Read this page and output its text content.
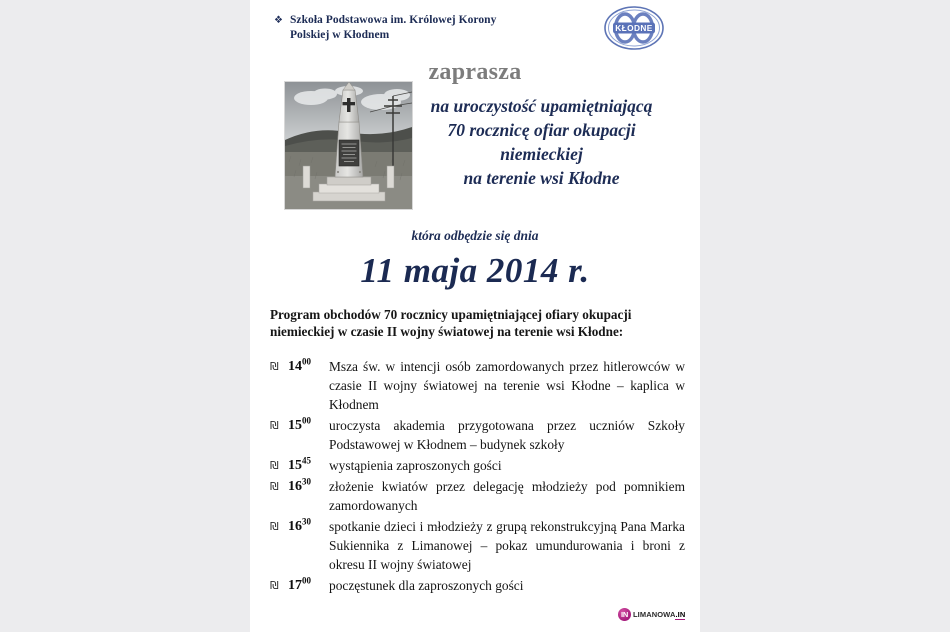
❖ Szkoła Podstawowa im. Królowej Korony
Polskiej w Kłodnem
KŁODNE
zaprasza
na uroczystość upamiętniającą
70 rocznicę ofiar okupacji
niemieckiej
na terenie wsi Kłodne
która odbędzie się dnia
11 maja 2014 r.
Program obchodów 70 rocznicy upamiętniającej ofiary okupacji niemieckiej w czasie II wojny światowej na terenie wsi Kłodne:
₪ $14^{00}$	Msza św. w intencji osób zamordowanych przez hitlerowców w czasie II wojny światowej na terenie wsi Kłodne – kaplica w Kłodnem
₪ $15^{00}$	uroczysta akademia przygotowana przez uczniów Szkoły Podstawowej w Kłodnem – budynek szkoły
₪ $15^{45}$	wystąpienia zaproszonych gości
₪ $16^{30}$	złożenie kwiatów przez delegację młodzieży pod pomnikiem zamordowanych
₪ $16^{30}$	spotkanie dzieci i młodzieży z grupą rekonstrukcyjną Pana Marka Sukiennika z Limanowej – pokaz umundurowania i broni z okresu II wojny światowej
₪ $17^{00}$	poczęstunek dla zaproszonych gości
IN LIMANOWA.IN
